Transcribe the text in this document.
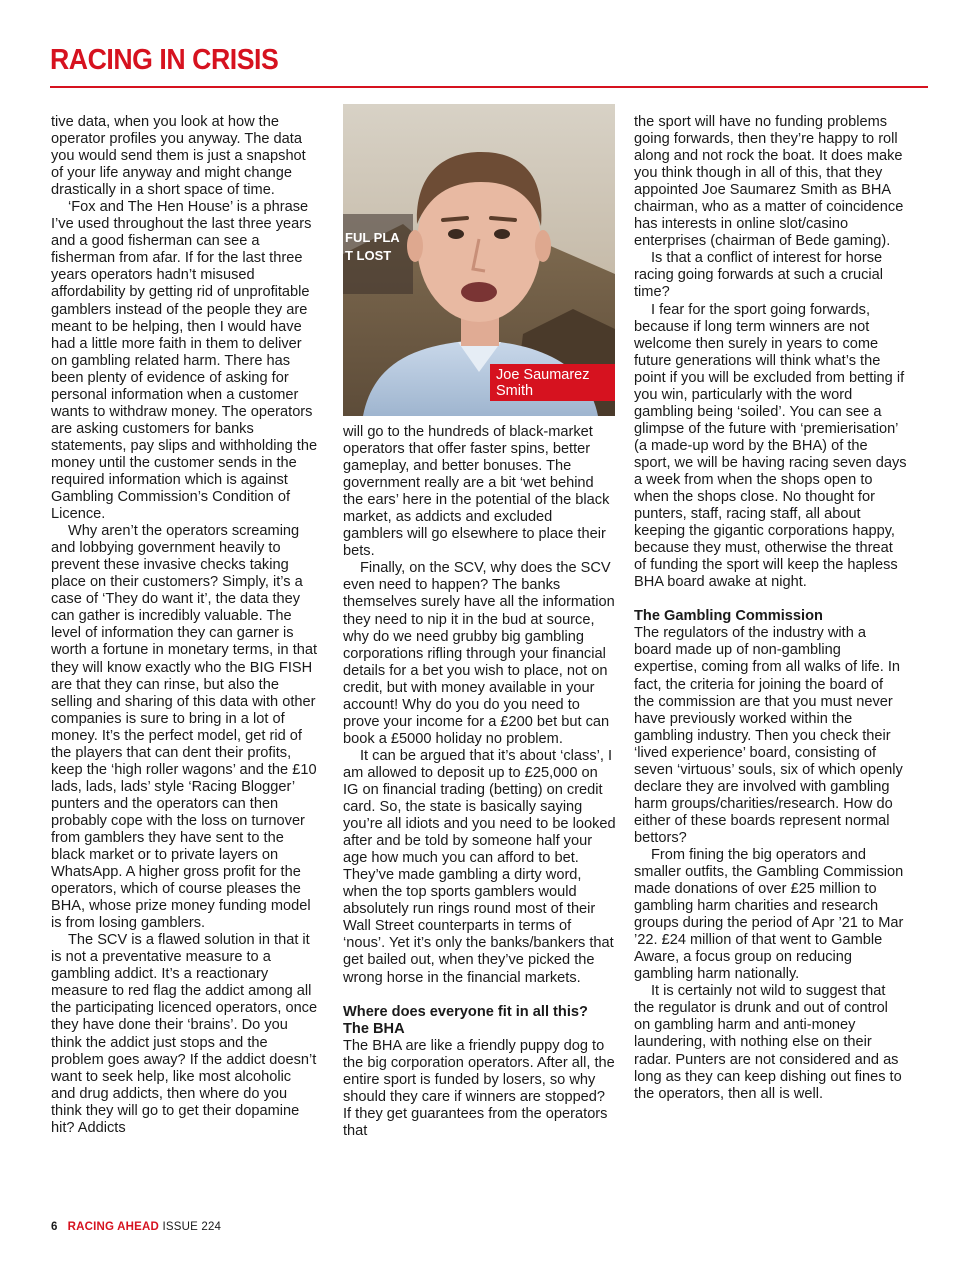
RACING IN CRISIS

tive data, when you look at how the operator profiles you anyway. The data you would send them is just a snapshot of your life anyway and might change drastically in a short space of time.

‘Fox and The Hen House’ is a phrase I’ve used throughout the last three years and a good fisherman can see a fisherman from afar. If for the last three years operators hadn’t misused affordability by getting rid of unprofitable gamblers instead of the people they are meant to be helping, then I would have had a little more faith in them to deliver on gambling related harm. There has been plenty of evidence of asking for personal information when a customer wants to withdraw money. The operators are asking customers for banks statements, pay slips and withholding the money until the customer sends in the required information which is against Gambling Commission’s Condition of Licence.

Why aren’t the operators screaming and lobbying government heavily to prevent these invasive checks taking place on their customers? Simply, it’s a case of ‘They do want it’, the data they can gather is incredibly valuable. The level of information they can garner is worth a fortune in monetary terms, in that they will know exactly who the BIG FISH are that they can rinse, but also the selling and sharing of this data with other companies is sure to bring in a lot of money. It’s the perfect model, get rid of the players that can dent their profits, keep the ‘high roller wagons’ and the £10 lads, lads, lads’ style ‘Racing Blogger’ punters and the operators can then probably cope with the loss on turnover from gamblers they have sent to the black market or to private layers on WhatsApp. A higher gross profit for the operators, which of course pleases the BHA, whose prize money funding model is from losing gamblers.

The SCV is a flawed solution in that it is not a preventative measure to a gambling addict. It’s a reactionary measure to red flag the addict among all the participating licenced operators, once they have done their ‘brains’. Do you think the addict just stops and the problem goes away? If the addict doesn’t want to seek help, like most alcoholic and drug addicts, then where do you think they will go to get their dopamine hit? Addicts

FUL PLA
T LOST
Joe Saumarez Smith

will go to the hundreds of black-market operators that offer faster spins, better gameplay, and better bonuses. The government really are a bit ‘wet behind the ears’ here in the potential of the black market, as addicts and excluded gamblers will go elsewhere to place their bets.

Finally, on the SCV, why does the SCV even need to happen? The banks themselves surely have all the information they need to nip it in the bud at source, why do we need grubby big gambling corporations rifling through your financial details for a bet you wish to place, not on credit, but with money available in your account! Why do you do you need to prove your income for a £200 bet but can book a £5000 holiday no problem.

It can be argued that it’s about ‘class’, I am allowed to deposit up to £25,000 on IG on financial trading (betting) on credit card. So, the state is basically saying you’re all idiots and you need to be looked after and be told by someone half your age how much you can afford to bet. They’ve made gambling a dirty word, when the top sports gamblers would absolutely run rings round most of their Wall Street counterparts in terms of ‘nous’. Yet it’s only the banks/bankers that get bailed out, when they’ve picked the wrong horse in the financial markets.

Where does everyone fit in all this? The BHA

The BHA are like a friendly puppy dog to the big corporation operators. After all, the entire sport is funded by losers, so why should they care if winners are stopped? If they get guarantees from the operators that

the sport will have no funding problems going forwards, then they’re happy to roll along and not rock the boat. It does make you think though in all of this, that they appointed Joe Saumarez Smith as BHA chairman, who as a matter of coincidence has interests in online slot/casino enterprises (chairman of Bede gaming).

Is that a conflict of interest for horse racing going forwards at such a crucial time?

I fear for the sport going forwards, because if long term winners are not welcome then surely in years to come future generations will think what’s the point if you will be excluded from betting if you win, particularly with the word gambling being ‘soiled’. You can see a glimpse of the future with ‘premierisation’ (a made-up word by the BHA) of the sport, we will be having racing seven days a week from when the shops open to when the shops close. No thought for punters, staff, racing staff, all about keeping the gigantic corporations happy, because they must, otherwise the threat of funding the sport will keep the hapless BHA board awake at night.

The Gambling Commission

The regulators of the industry with a board made up of non-gambling expertise, coming from all walks of life. In fact, the criteria for joining the board of the commission are that you must never have previously worked within the gambling industry. Then you check their ‘lived experience’ board, consisting of seven ‘virtuous’ souls, six of which openly declare they are involved with gambling harm groups/charities/research. How do either of these boards represent normal bettors?

From fining the big operators and smaller outfits, the Gambling Commission made donations of over £25 million to gambling harm charities and research groups during the period of Apr ’21 to Mar ’22. £24 million of that went to Gamble Aware, a focus group on reducing gambling harm nationally.

It is certainly not wild to suggest that the regulator is drunk and out of control on gambling harm and anti-money laundering, with nothing else on their radar. Punters are not considered and as long as they can keep dishing out fines to the operators, then all is well.

6 RACING AHEAD ISSUE 224
